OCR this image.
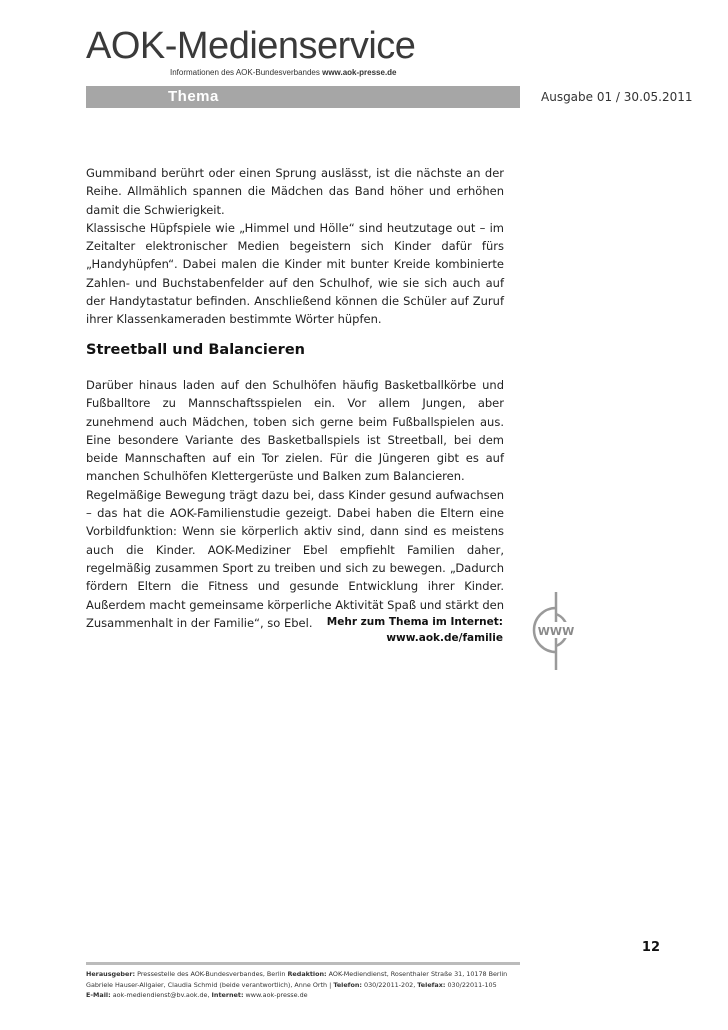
AOK-Medienservice
Informationen des AOK-Bundesverbandes www.aok-presse.de
Thema	Ausgabe 01 / 30.05.2011

Gummiband berührt oder einen Sprung auslässt, ist die nächste an der Reihe. Allmählich spannen die Mädchen das Band höher und erhöhen damit die Schwierigkeit.

Klassische Hüpfspiele wie „Himmel und Hölle“ sind heutzutage out – im Zeitalter elektronischer Medien begeistern sich Kinder dafür fürs „Handyhüpfen“. Dabei malen die Kinder mit bunter Kreide kombinierte Zahlen- und Buchstabenfelder auf den Schulhof, wie sie sich auch auf der Handytastatur befinden. Anschließend können die Schüler auf Zuruf ihrer Klassenkameraden bestimmte Wörter hüpfen.

Streetball und Balancieren

Darüber hinaus laden auf den Schulhöfen häufig Basketballkörbe und Fußballtore zu Mannschaftsspielen ein. Vor allem Jungen, aber zunehmend auch Mädchen, toben sich gerne beim Fußballspielen aus. Eine besondere Variante des Basketballspiels ist Streetball, bei dem beide Mannschaften auf ein Tor zielen. Für die Jüngeren gibt es auf manchen Schulhöfen Klettergerüste und Balken zum Balancieren.

Regelmäßige Bewegung trägt dazu bei, dass Kinder gesund aufwachsen – das hat die AOK-Familienstudie gezeigt. Dabei haben die Eltern eine Vorbildfunktion: Wenn sie körperlich aktiv sind, dann sind es meistens auch die Kinder. AOK-Mediziner Ebel empfiehlt Familien daher, regelmäßig zusammen Sport zu treiben und sich zu bewegen. „Dadurch fördern Eltern die Fitness und gesunde Entwicklung ihrer Kinder. Außerdem macht gemeinsame körperliche Aktivität Spaß und stärkt den Zusammenhalt in der Familie“, so Ebel.	Mehr zum Thema im Internet:
www.aok.de/familie	WWW
12
Herausgeber: Pressestelle des AOK-Bundesverbandes, Berlin Redaktion: AOK-Mediendienst, Rosenthaler Straße 31, 10178 Berlin
Gabriele Hauser-Allgaier, Claudia Schmid (beide verantwortlich), Anne Orth | Telefon: 030/22011-202, Telefax: 030/22011-105
E-Mail: aok-mediendienst@bv.aok.de, Internet: www.aok-presse.de
